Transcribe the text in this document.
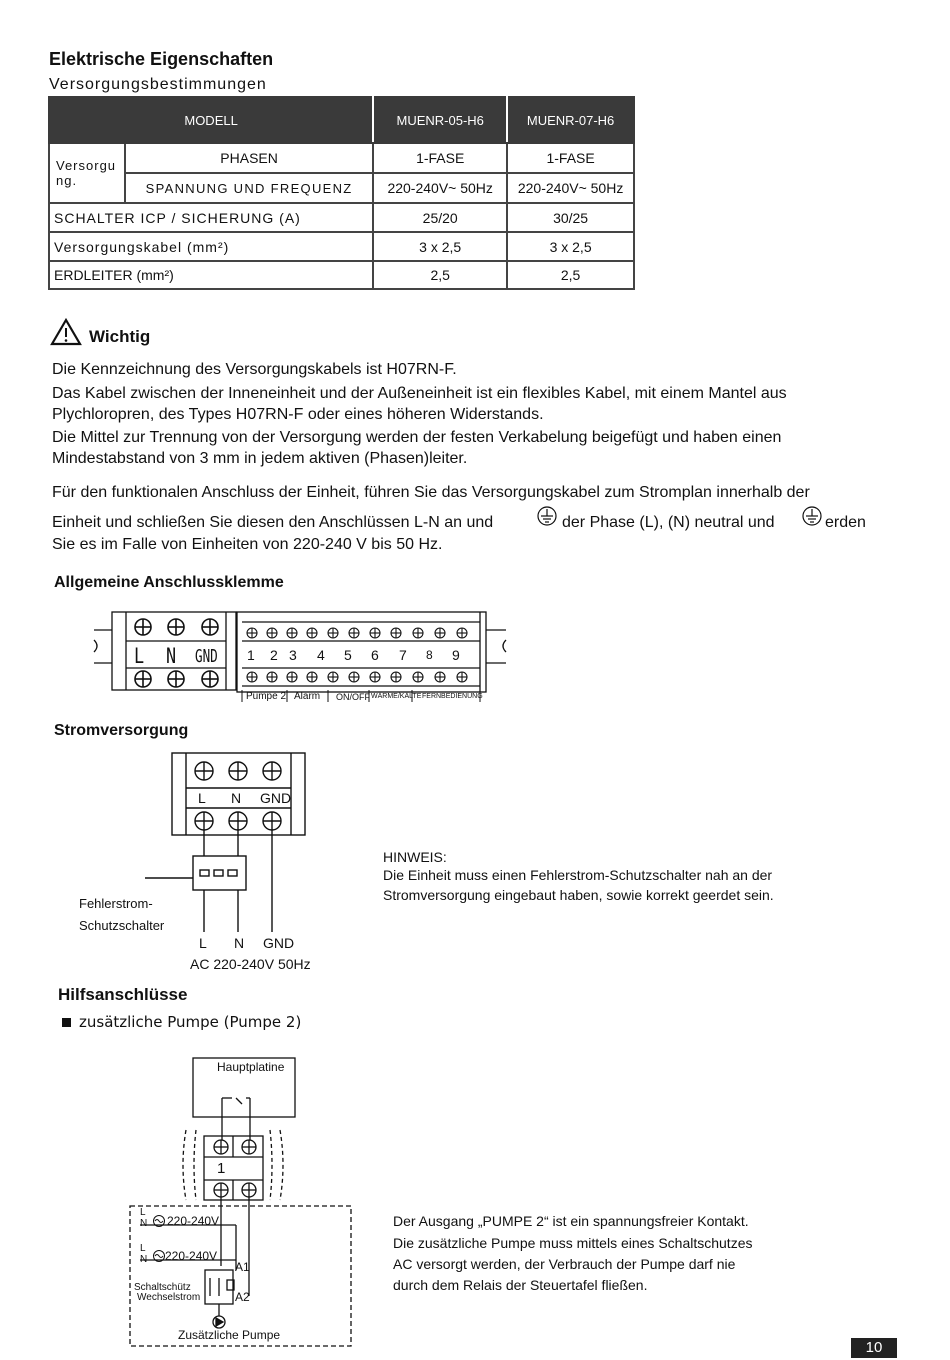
Elektrische Eigenschaften
Versorgungsbestimmungen
MODELL		MUENR-05-H6	MUENR-07-H6
Versorgu ng.	PHASEN	1-FASE	1-FASE
	SPANNUNG UND FREQUENZ	220-240V~ 50Hz	220-240V~ 50Hz
SCHALTER ICP / SICHERUNG (A)		25/20	30/25
Versorgungskabel (mm²)		3 x 2,5	3 x 2,5
ERDLEITER (mm²)		2,5	2,5
Wichtig
Die Kennzeichnung des Versorgungskabels ist H07RN-F.
Das Kabel zwischen der Inneneinheit und der Außeneinheit ist ein flexibles Kabel, mit einem Mantel aus Plychloropren, des Types H07RN-F oder eines höheren Widerstands.
Die Mittel zur Trennung von der Versorgung werden der festen Verkabelung beigefügt und haben einen Mindestabstand von 3 mm in jedem aktiven (Phasen)leiter.
Für den funktionalen Anschluss der Einheit, führen Sie das Versorgungskabel zum Stromplan innerhalb der
Einheit und schließen Sie diesen den Anschlüssen L-N an und	der Phase (L), (N) neutral und	erden
Sie es im Falle von Einheiten von 220-240 V bis 50 Hz.
Allgemeine Anschlussklemme
L N GND 1 2 3 4 5 6 7 8 9
Pumpe 2 Alarm ON/OFF WÄRME/KÄLTE FERNBEDIENUNG
Stromversorgung
L N GND
Fehlerstrom-
Schutzschalter
L N GND
AC 220-240V 50Hz
HINWEIS:
Die Einheit muss einen Fehlerstrom-Schutzschalter nah an der
Stromversorgung eingebaut haben, sowie korrekt geerdet sein.
Hilfsanschlüsse
zusätzliche Pumpe (Pumpe 2)
Hauptplatine
1
L
N
L
N
220-240V
220-240V
A1
A2
Schaltschütz
Wechselstrom
Zusätzliche Pumpe
Der Ausgang „PUMPE 2“ ist ein spannungsfreier Kontakt.
Die zusätzliche Pumpe muss mittels eines Schaltschutzes
AC versorgt werden, der Verbrauch der Pumpe darf nie
durch dem Relais der Steuertafel fließen.
10
